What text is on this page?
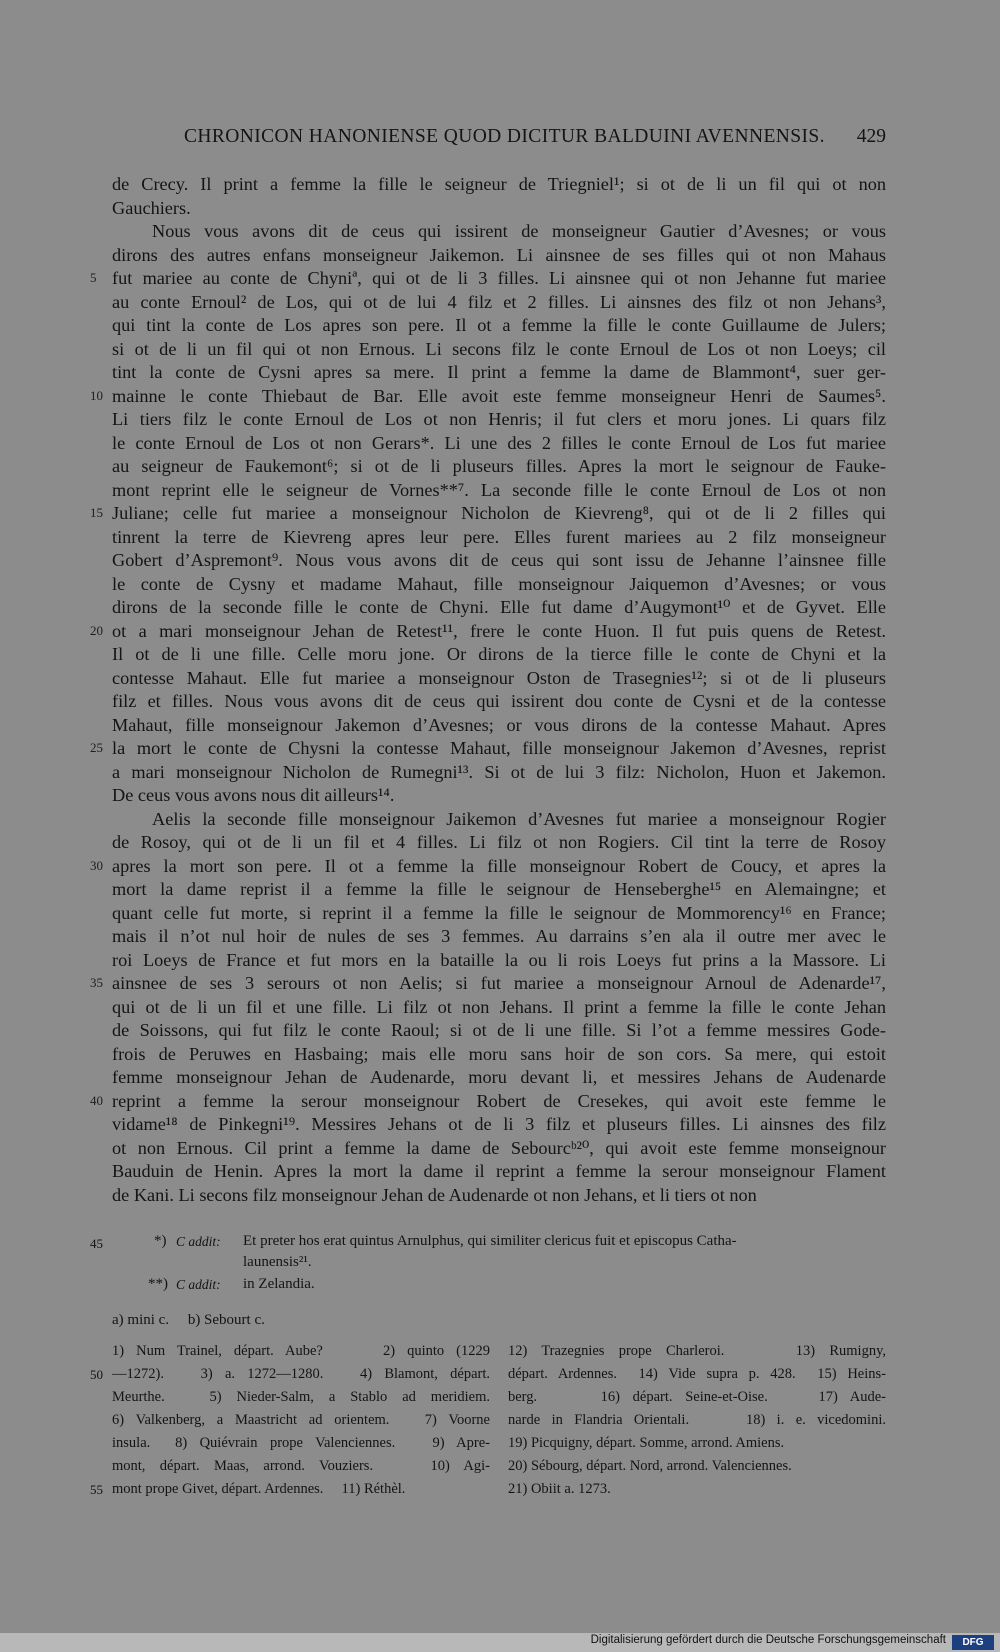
CHRONICON HANONIENSE QUOD DICITUR BALDUINI AVENNENSIS. 429
de Crecy. Il print a femme la fille le seigneur de Triegniel¹; si ot de li un fil qui ot non
Gauchiers.
Nous vous avons dit de ceus qui issirent de monseigneur Gautier d’Avesnes; or vous
dirons des autres enfans monseigneur Jaikemon. Li ainsnee de ses filles qui ot non Mahaus
fut mariee au conte de Chyniª, qui ot de li 3 filles. Li ainsnee qui ot non Jehanne fut mariee
5
au conte Ernoul² de Los, qui ot de lui 4 filz et 2 filles. Li ainsnes des filz ot non Jehans³,
qui tint la conte de Los apres son pere. Il ot a femme la fille le conte Guillaume de Julers;
si ot de li un fil qui ot non Ernous. Li secons filz le conte Ernoul de Los ot non Loeys; cil
tint la conte de Cysni apres sa mere. Il print a femme la dame de Blammont⁴, suer ger-
mainne le conte Thiebaut de Bar. Elle avoit este femme monseigneur Henri de Saumes⁵.
10
Li tiers filz le conte Ernoul de Los ot non Henris; il fut clers et moru jones. Li quars filz
le conte Ernoul de Los ot non Gerars*. Li une des 2 filles le conte Ernoul de Los fut mariee
au seigneur de Faukemont⁶; si ot de li pluseurs filles. Apres la mort le seignour de Fauke-
mont reprint elle le seigneur de Vornes**⁷. La seconde fille le conte Ernoul de Los ot non
Juliane; celle fut mariee a monseignour Nicholon de Kievreng⁸, qui ot de li 2 filles qui
15
tinrent la terre de Kievreng apres leur pere. Elles furent mariees au 2 filz monseigneur
Gobert d’Aspremont⁹. Nous vous avons dit de ceus qui sont issu de Jehanne l’ainsnee fille
le conte de Cysny et madame Mahaut, fille monseignour Jaiquemon d’Avesnes; or vous
dirons de la seconde fille le conte de Chyni. Elle fut dame d’Augymont¹⁰ et de Gyvet. Elle
ot a mari monseignour Jehan de Retest¹¹, frere le conte Huon. Il fut puis quens de Retest.
20
Il ot de li une fille. Celle moru jone. Or dirons de la tierce fille le conte de Chyni et la
contesse Mahaut. Elle fut mariee a monseignour Oston de Trasegnies¹²; si ot de li pluseurs
filz et filles. Nous vous avons dit de ceus qui issirent dou conte de Cysni et de la contesse
Mahaut, fille monseignour Jakemon d’Avesnes; or vous dirons de la contesse Mahaut. Apres
la mort le conte de Chysni la contesse Mahaut, fille monseignour Jakemon d’Avesnes, reprist
25
a mari monseignour Nicholon de Rumegni¹³. Si ot de lui 3 filz: Nicholon, Huon et Jakemon.
De ceus vous avons nous dit ailleurs¹⁴.
Aelis la seconde fille monseignour Jaikemon d’Avesnes fut mariee a monseignour Rogier
de Rosoy, qui ot de li un fil et 4 filles. Li filz ot non Rogiers. Cil tint la terre de Rosoy
apres la mort son pere. Il ot a femme la fille monseignour Robert de Coucy, et apres la
30
mort la dame reprist il a femme la fille le seignour de Henseberghe¹⁵ en Alemaingne; et
quant celle fut morte, si reprint il a femme la fille le seignour de Mommorency¹⁶ en France;
mais il n’ot nul hoir de nules de ses 3 femmes. Au darrains s’en ala il outre mer avec le
roi Loeys de France et fut mors en la bataille la ou li rois Loeys fut prins a la Massore. Li
ainsnee de ses 3 serours ot non Aelis; si fut mariee a monseignour Arnoul de Adenarde¹⁷,
35
qui ot de li un fil et une fille. Li filz ot non Jehans. Il print a femme la fille le conte Jehan
de Soissons, qui fut filz le conte Raoul; si ot de li une fille. Si l’ot a femme messires Gode-
frois de Peruwes en Hasbaing; mais elle moru sans hoir de son cors. Sa mere, qui estoit
femme monseignour Jehan de Audenarde, moru devant li, et messires Jehans de Audenarde
reprint a femme la serour monseignour Robert de Cresekes, qui avoit este femme le
40
vidame¹⁸ de Pinkegni¹⁹. Messires Jehans ot de li 3 filz et pluseurs filles. Li ainsnes des filz
ot non Ernous. Cil print a femme la dame de Sebourcᵇ²⁰, qui avoit este femme monseignour
Bauduin de Henin. Apres la mort la dame il reprint a femme la serour monseignour Flament
de Kani. Li secons filz monseignour Jehan de Audenarde ot non Jehans, et li tiers ot non
45	*) C addit: Et preter hos erat quintus Arnulphus, qui similiter clericus fuit et episcopus Catha-
launensis²¹.
**) C addit: in Zelandia.
a) mini c.     b) Sebourt c.
1) Num Trainel, départ. Aube?     2) quinto (1229
—1272).   3) a. 1272—1280.   4) Blamont, départ.
50
Meurthe.   5) Nieder-Salm, a Stablo ad meridiem.
6) Valkenberg, a Maastricht ad orientem.   7) Voorne
insula.  8) Quiévrain prope Valenciennes.   9) Apre-
mont, départ. Maas, arrond. Vouziers.    10) Agi-
mont prope Givet, départ. Ardennes.     11) Réthèl.
55
12) Trazegnies prope Charleroi.     13) Rumigny,
départ. Ardennes.  14) Vide supra p. 428.  15) Heins-
berg.     16) départ. Seine-et-Oise.    17) Aude-
narde in Flandria Orientali.     18) i. e. vicedomini.
19) Picquigny, départ. Somme, arrond. Amiens.
20) Sébourg, départ. Nord, arrond. Valenciennes.
21) Obiit a. 1273.
Digitalisierung gefördert durch die Deutsche Forschungsgemeinschaft	DFG
